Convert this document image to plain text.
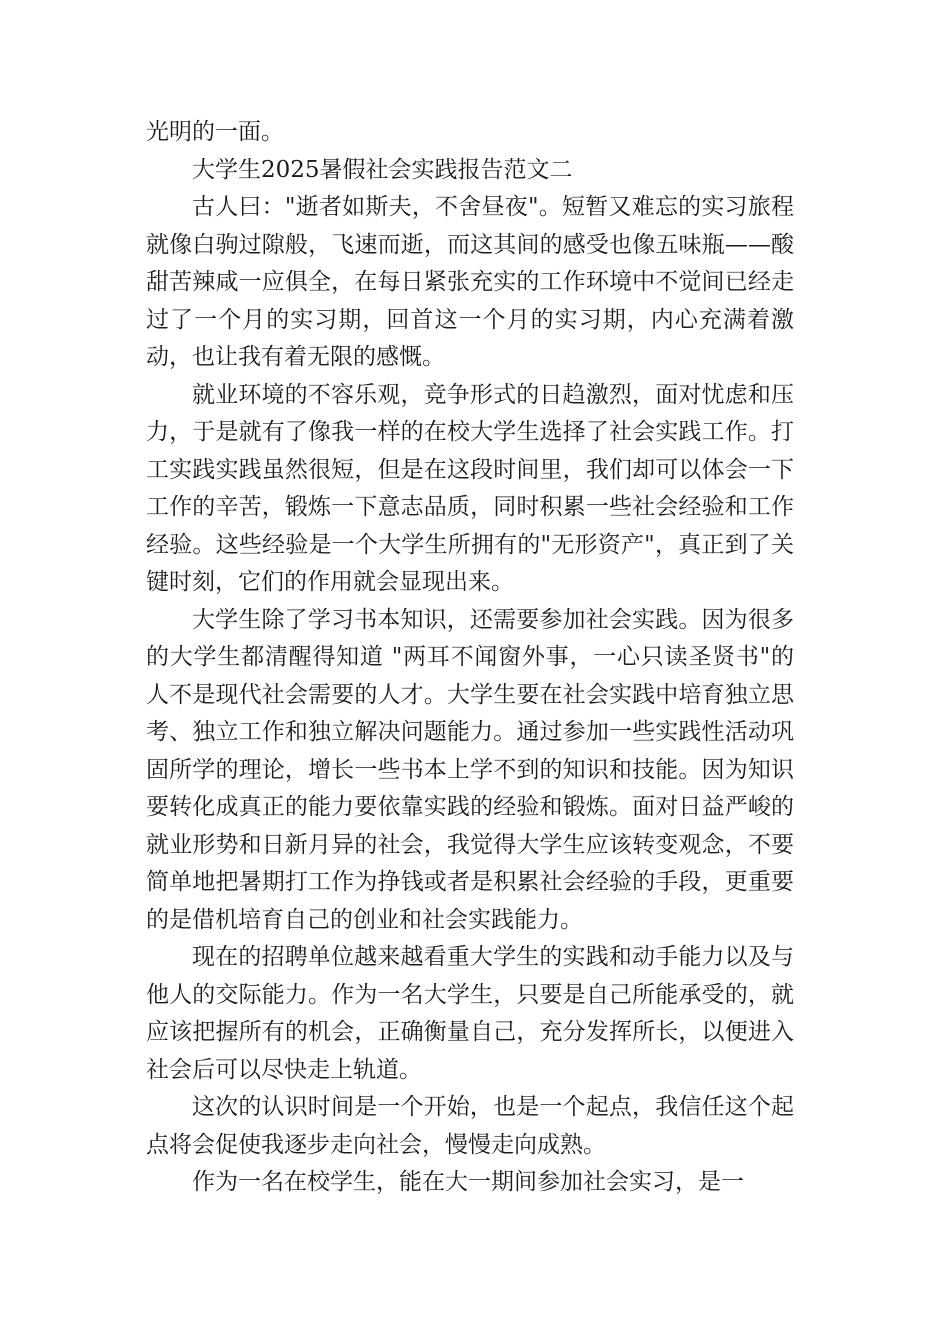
光明的一面。

大学生2025暑假社会实践报告范文二

古人曰："逝者如斯夫，不舍昼夜"。短暂又难忘的实习旅程就像白驹过隙般，飞速而逝，而这其间的感受也像五味瓶——酸甜苦辣咸一应俱全，在每日紧张充实的工作环境中不觉间已经走过了一个月的实习期，回首这一个月的实习期，内心充满着激动，也让我有着无限的感慨。

就业环境的不容乐观，竞争形式的日趋激烈，面对忧虑和压力，于是就有了像我一样的在校大学生选择了社会实践工作。打工实践实践虽然很短，但是在这段时间里，我们却可以体会一下工作的辛苦，锻炼一下意志品质，同时积累一些社会经验和工作经验。这些经验是一个大学生所拥有的"无形资产"，真正到了关键时刻，它们的作用就会显现出来。

大学生除了学习书本知识，还需要参加社会实践。因为很多的大学生都清醒得知道 "两耳不闻窗外事，一心只读圣贤书"的人不是现代社会需要的人才。大学生要在社会实践中培育独立思考、独立工作和独立解决问题能力。通过参加一些实践性活动巩固所学的理论，增长一些书本上学不到的知识和技能。因为知识要转化成真正的能力要依靠实践的经验和锻炼。面对日益严峻的就业形势和日新月异的社会，我觉得大学生应该转变观念，不要简单地把暑期打工作为挣钱或者是积累社会经验的手段，更重要的是借机培育自己的创业和社会实践能力。

现在的招聘单位越来越看重大学生的实践和动手能力以及与他人的交际能力。作为一名大学生，只要是自己所能承受的，就应该把握所有的机会，正确衡量自己，充分发挥所长，以便进入社会后可以尽快走上轨道。

这次的认识时间是一个开始，也是一个起点，我信任这个起点将会促使我逐步走向社会，慢慢走向成熟。

作为一名在校学生，能在大一期间参加社会实习，是一
